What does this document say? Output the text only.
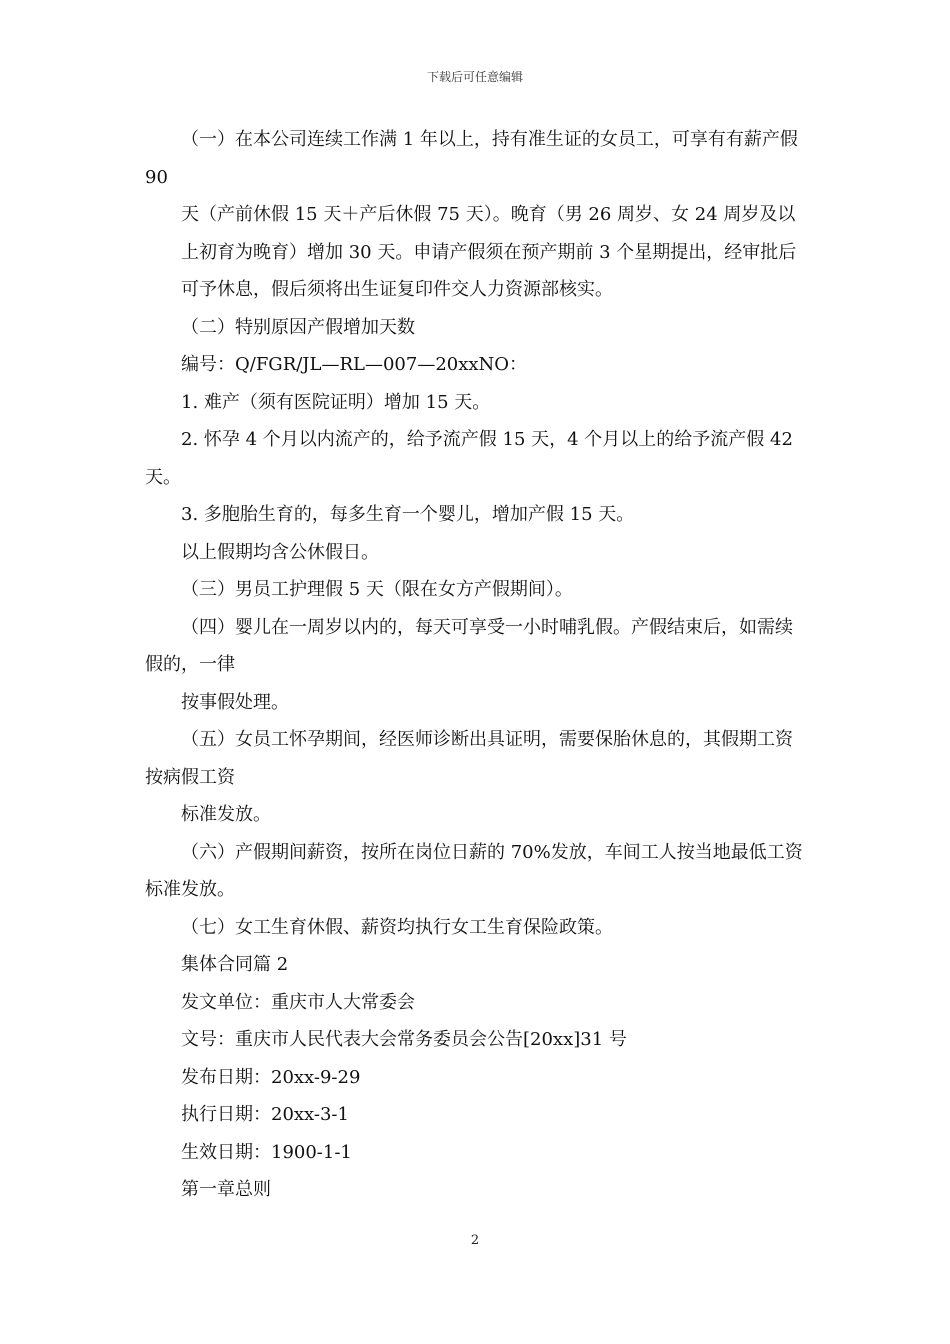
下载后可任意编辑

（一）在本公司连续工作满 1 年以上，持有准生证的女员工，可享有有薪产假 90

天（产前休假 15 天＋产后休假 75 天）。晚育（男 26 周岁、女 24 周岁及以上初育为晚育）增加 30 天。申请产假须在预产期前 3 个星期提出，经审批后可予休息，假后须将出生证复印件交人力资源部核实。

（二）特别原因产假增加天数

编号：Q/FGR/JL—RL—007—20xxNO：

1. 难产（须有医院证明）增加 15 天。

2. 怀孕 4 个月以内流产的，给予流产假 15 天，4 个月以上的给予流产假 42 天。

3. 多胞胎生育的，每多生育一个婴儿，增加产假 15 天。

以上假期均含公休假日。

（三）男员工护理假 5 天（限在女方产假期间）。

（四）婴儿在一周岁以内的，每天可享受一小时哺乳假。产假结束后，如需续假的，一律

按事假处理。

（五）女员工怀孕期间，经医师诊断出具证明，需要保胎休息的，其假期工资按病假工资

标准发放。

（六）产假期间薪资，按所在岗位日薪的 70%发放，车间工人按当地最低工资标准发放。

（七）女工生育休假、薪资均执行女工生育保险政策。

集体合同篇 2

发文单位：重庆市人大常委会

文号：重庆市人民代表大会常务委员会公告[20xx]31 号

发布日期：20xx-9-29

执行日期：20xx-3-1

生效日期：1900-1-1

第一章总则

2
